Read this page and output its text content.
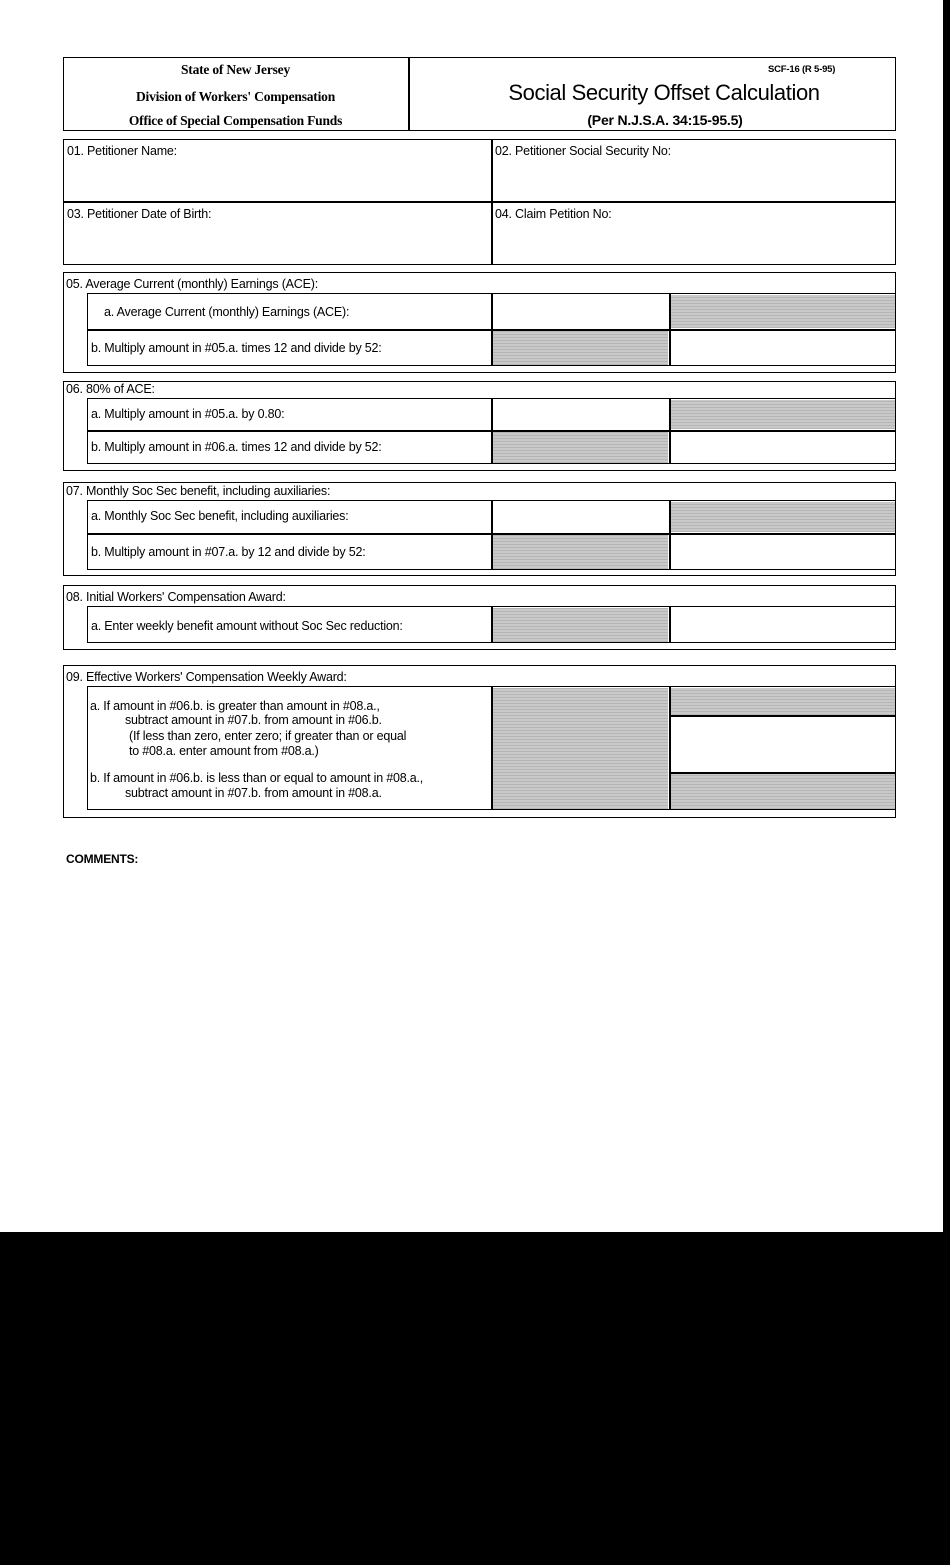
State of New Jersey
Division of Workers' Compensation
Office of Special Compensation Funds
SCF-16 (R 5-95)
Social Security Offset Calculation
(Per N.J.S.A. 34:15-95.5)
01. Petitioner Name:	02. Petitioner Social Security No:
03. Petitioner Date of Birth:	04. Claim Petition No:
05. Average Current (monthly) Earnings (ACE):
a. Average Current (monthly) Earnings (ACE):
b. Multiply amount in #05.a. times 12 and divide by 52:
06. 80% of ACE:
a. Multiply amount in #05.a. by 0.80:
b. Multiply amount in #06.a. times 12 and divide by 52:
07. Monthly Soc Sec benefit, including auxiliaries:
a. Monthly Soc Sec benefit, including auxiliaries:
b. Multiply amount in #07.a. by 12 and divide by 52:
08. Initial Workers' Compensation Award:
a. Enter weekly benefit amount without Soc Sec reduction:
09. Effective Workers' Compensation Weekly Award:
a. If amount in #06.b. is greater than amount in #08.a.,
subtract amount in #07.b. from amount in #06.b.
(If less than zero, enter zero; if greater than or equal
to #08.a. enter amount from #08.a.)
b. If amount in #06.b. is less than or equal to amount in #08.a.,
subtract amount in #07.b. from amount in #08.a.
COMMENTS:
